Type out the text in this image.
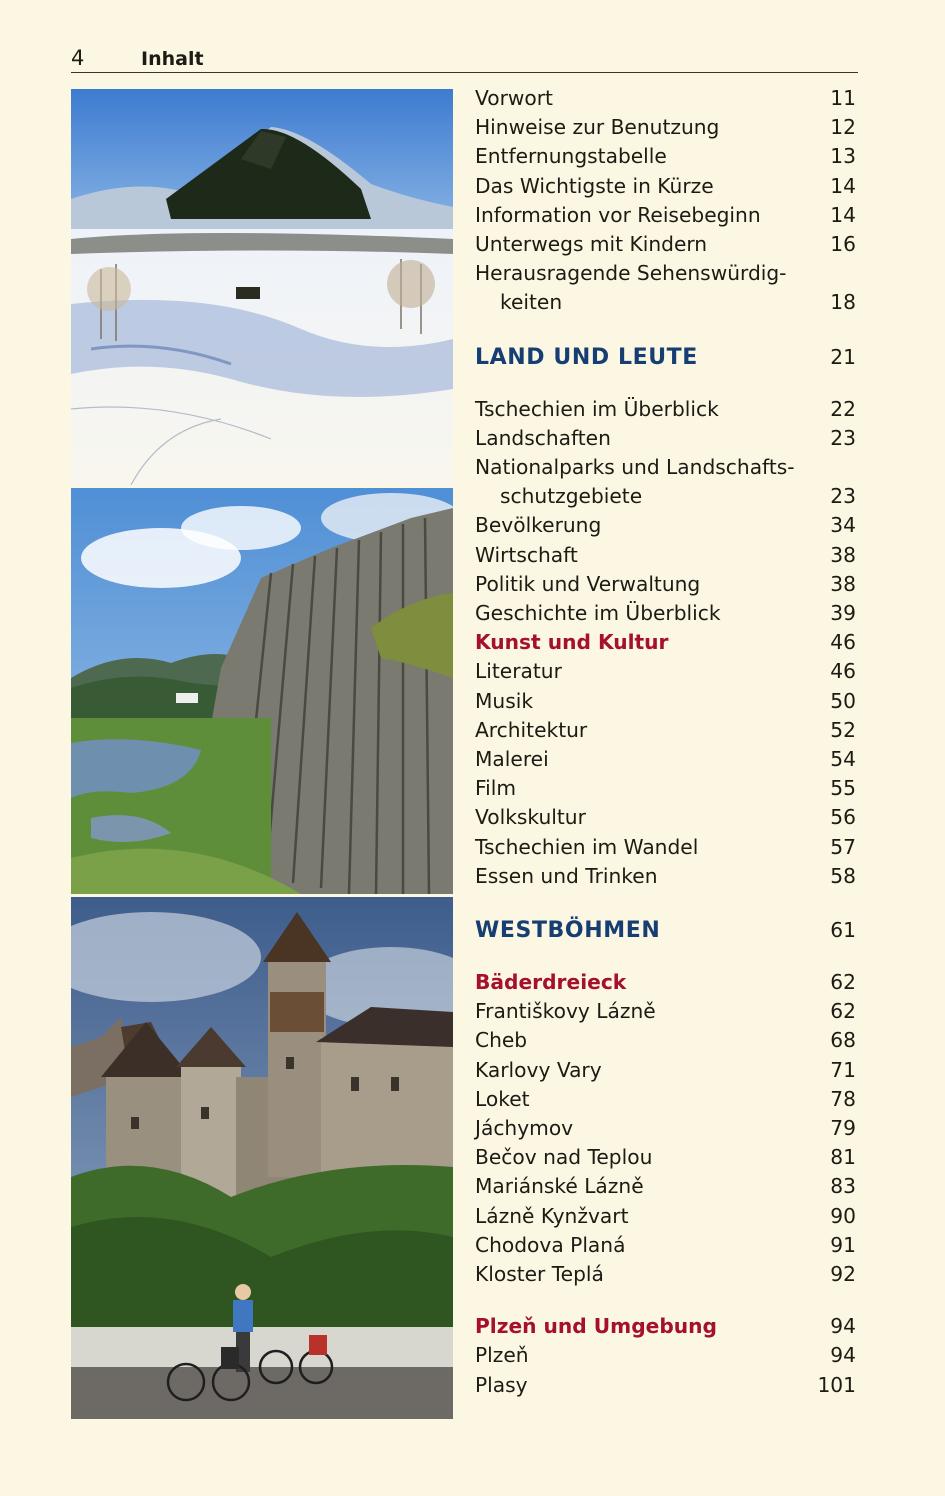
4	Inhalt
Vorwort	11
Hinweise zur Benutzung	12
Entfernungstabelle	13
Das Wichtigste in Kürze	14
Information vor Reisebeginn	14
Unterwegs mit Kindern	16
Herausragende Sehenswürdig-
keiten	18
LAND UND LEUTE	21
Tschechien im Überblick	22
Landschaften	23
Nationalparks und Landschafts-
schutzgebiete	23
Bevölkerung	34
Wirtschaft	38
Politik und Verwaltung	38
Geschichte im Überblick	39
Kunst und Kultur	46
Literatur	46
Musik	50
Architektur	52
Malerei	54
Film	55
Volkskultur	56
Tschechien im Wandel	57
Essen und Trinken	58
WESTBÖHMEN	61
Bäderdreieck	62
Františkovy Lázně	62
Cheb	68
Karlovy Vary	71
Loket	78
Jáchymov	79
Bečov nad Teplou	81
Mariánské Lázně	83
Lázně Kynžvart	90
Chodova Planá	91
Kloster Teplá	92
Plzeň und Umgebung	94
Plzeň	94
Plasy	101
